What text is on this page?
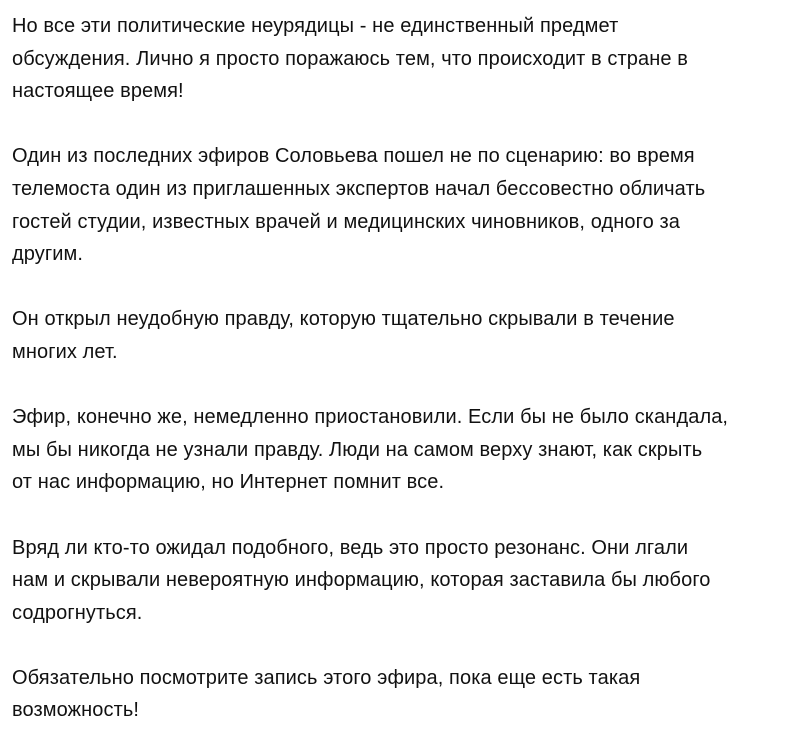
Но все эти политические неурядицы - не единственный предмет
обсуждения. Лично я просто поражаюсь тем, что происходит в стране в
настоящее время!

Один из последних эфиров Соловьева пошел не по сценарию: во время
телемоста один из приглашенных экспертов начал бессовестно обличать
гостей студии, известных врачей и медицинских чиновников, одного за
другим.

Он открыл неудобную правду, которую тщательно скрывали в течение
многих лет.

Эфир, конечно же, немедленно приостановили. Если бы не было скандала,
мы бы никогда не узнали правду. Люди на самом верху знают, как скрыть
от нас информацию, но Интернет помнит все.

Вряд ли кто-то ожидал подобного, ведь это просто резонанс. Они лгали
нам и скрывали невероятную информацию, которая заставила бы любого
содрогнуться.

Обязательно посмотрите запись этого эфира, пока еще есть такая
возможность!
